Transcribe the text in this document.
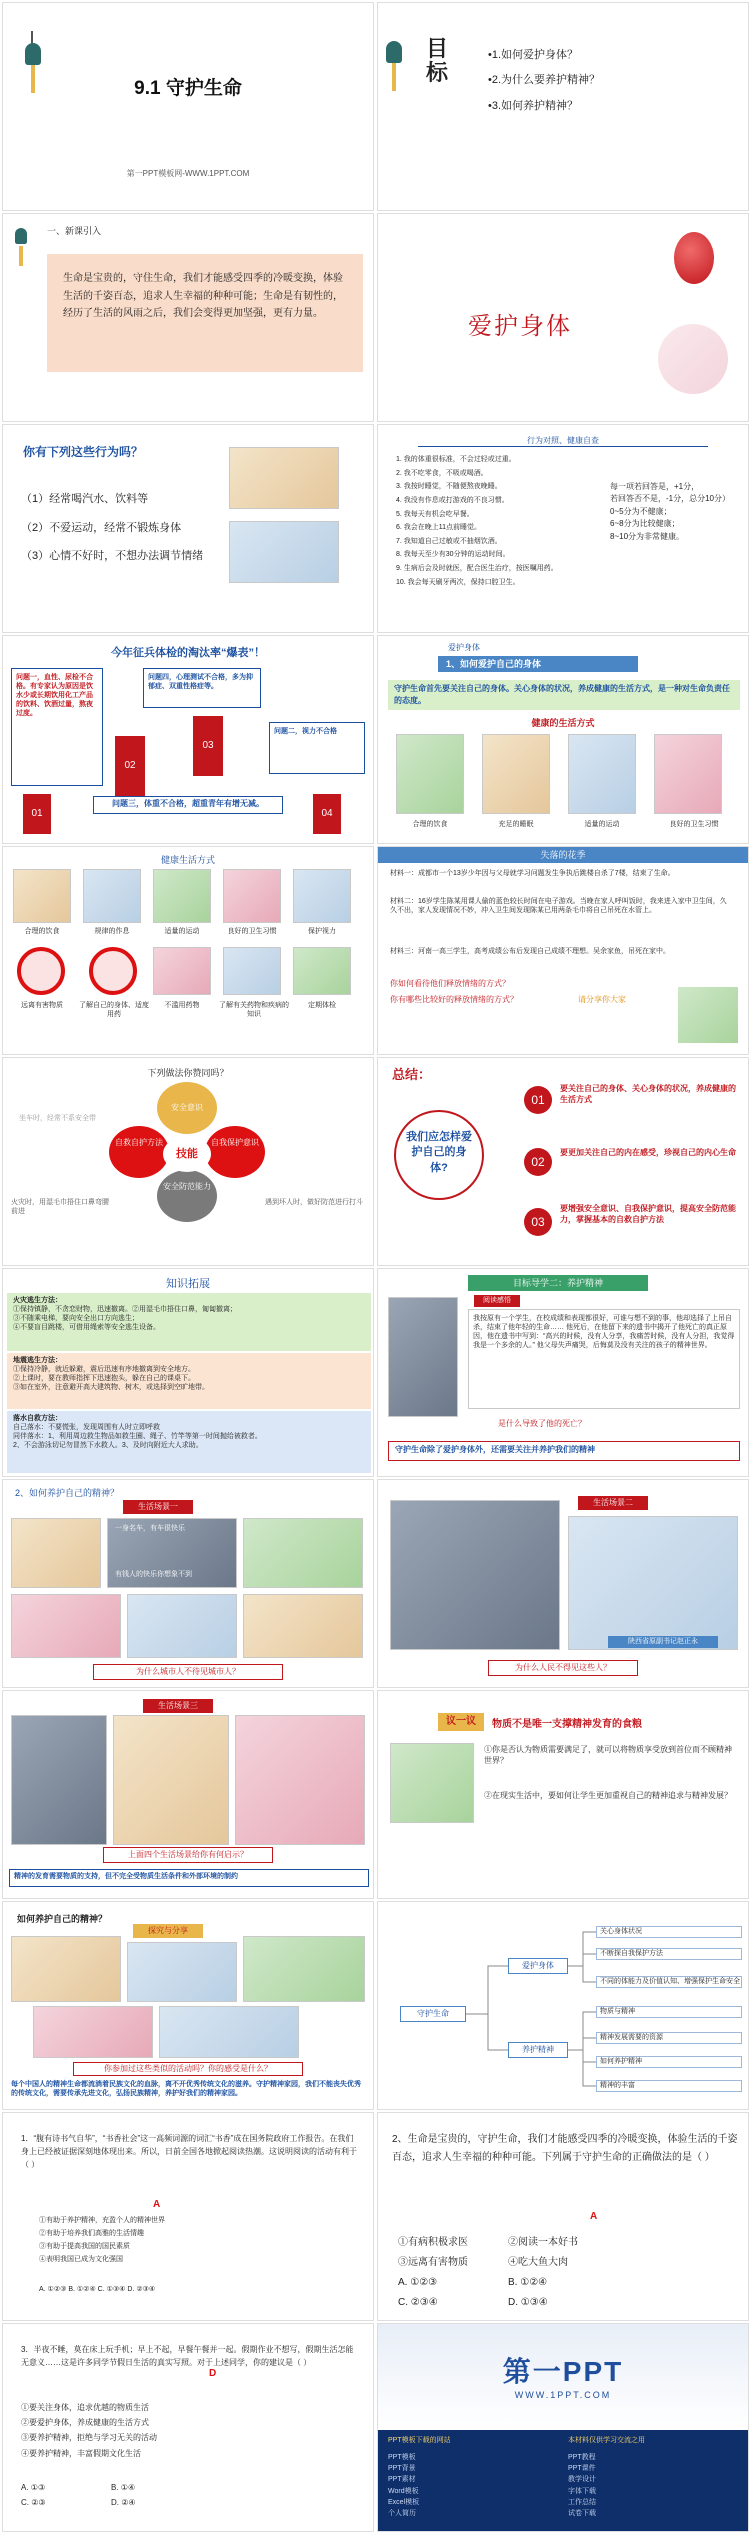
9.1 守护生命
第一PPT模板网-WWW.1PPT.COM
目标
•1.如何爱护身体？
•2.为什么要养护精神？
•3.如何养护精神？
一、新课引入
生命是宝贵的，守住生命，我们才能感受四季的冷暖变换，体验生活的千姿百态，追求人生幸福的种种可能；生命是有韧性的，经历了生活的风雨之后，我们会变得更加坚强，更有力量。	爱护身体
你有下列这些行为吗？
（1）经常喝汽水、饮料等
（2）不爱运动，经常不锻炼身体
（3）心情不好时，不想办法调节情绪
行为对照、健康自查
1. 我的体重很标准，不会过轻或过重。
2. 我不吃零食，不吸或喝酒。
3. 我按时睡觉，不随便熬夜晚睡。
4. 我没有作息或打游戏的不良习惯。
5. 我每天有机会吃早餐。
6. 我会在晚上11点前睡觉。
7. 我知道自己过敏或不抽烟饮酒。
8. 我每天至少有30分钟的运动时间。
9. 生病后会及时就医，配合医生治疗，按医嘱用药。
10. 我会每天刷牙两次，保持口腔卫生。
每一项若回答是，+1分，
若回答否不是，-1分，总分10分）
0~5分为不健康；
6~8分为比较健康；
8~10分为非常健康。
今年征兵体检的淘汰率“爆表”！
问题一，血性、尿检不合格。有专家认为原因是饮水少或长期饮用化工产品的饮料、饮酒过量，熬夜过度。
问题四，心理测试不合格，多为抑郁症、双重性格症等。
问题二，视力不合格
问题三，体重不合格，超重青年有增无减。
02
03
01	04
爱护身体
1、如何爱护自己的身体
守护生命首先要关注自己的身体。关心身体的状况，养成健康的生活方式，是一种对生命负责任的态度。
健康的生活方式
合理的饮食	充足的睡眠	适量的运动	良好的卫生习惯
健康生活方式
合理的饮食	规律的作息	适量的运动	良好的卫生习惯	保护视力
远离有害物质	了解自己的身体、适度用药
不滥用药物	了解有关药物和疾病的知识
定期体检
失落的花季
材料一：成都市一个13岁少年因与父母就学习问题发生争执后跳楼自杀了7楼，结束了生命。
材料二：16岁学生陈某用课人偷的蓝色较长时间在电子游戏。当晚在家人呼叫饭时，我来进入家中卫生间，久久不出，家人发现情况不妙，冲入卫生间发现陈某已用两条毛巾将自己吊死在水管上。
材料三：河南一高三学生，高考成绩公布后发现自己成绩不理想。吴余家鱼，吊死在家中。
你如何看待他们释放情绪的方式？
你有哪些比较好的释放情绪的方式？	请分享你大家
下列做法你赞同吗？
安全意识
自救自护方法	自我保护意识
安全防范能力
技能
坐车时，经常不系安全带
火灾时，用湿毛巾捂住口鼻弯腰前进
遇到坏人时，做好防范进行打斗
总结：
我们应怎样爱护自己的身体?
01
要关注自己的身体、关心身体的状况，养成健康的生活方式
02
要更加关注自己的内在感受，珍视自己的内心生命
03
要增强安全意识、自我保护意识，提高安全防范能力，掌握基本的自救自护方法
知识拓展
火灾逃生方法：
①保持镇静，不贪恋财物，迅速撤离。②用湿毛巾捂住口鼻，匍匐撤离；
③不随乘电梯，要向安全出口方向逃生；
④不要盲目跳楼，可借用绳索等安全逃生设备。
地震逃生方法：
①保持冷静，就近躲避，震后迅速有序地撤离到安全地方。
②上课时，要在教师指挥下迅速抱头，躲在自己的课桌下。
③如在室外，注意避开高大建筑物、树木，或选择到空旷地带。
落水自救方法：
自己落水：不要慌张，发现周围有人时立即呼救
同伴落水：1、利用周边救生物品如救生圈、绳子、竹竿等第一时间抛给被救者。
2、不会游泳切记勿冒然下水救人。3、及时向附近大人求助。
目标导学二：养护精神
阅读感悟
我按原有一个学生，在校成绩和表现都很好，可谁与想不到的事，他却选择了上吊自杀，结束了他年轻的生命…… 他死后，在他留下来的遗书中揭开了他死亡的真正原因，他在遗书中写到：“高兴的时候，没有人分享，我痛苦时候，没有人分担，我觉得我是一个多余的人。” 他父母失声痛哭，后悔莫及没有关注的孩子的精神世界。
是什么导致了他的死亡？
守护生命除了爱护身体外，还需要关注并养护我们的精神
2、如何养护自己的精神？
生活场景一
一身名车，有车很快乐
有钱人的快乐你想象不到
为什么城市人不待见城市人？
生活场景二
陕西省原副书记赵正永
为什么人民不得见这些人？
生活场景三
上面四个生活场景给你有何启示？
精神的发育需要物质的支持，但不完全受物质生活条件和外部环境的制约
议一议	物质不是唯一支撑精神发育的食粮
①你是否认为物质需要满足了，就可以将物质享受放到首位而不顾精神世界？
②在现实生活中，要如何让学生更加重视自己的精神追求与精神发展？
如何养护自己的精神？
探究与分享
你参加过这些类似的活动吗？你的感受是什么？
每个中国人的精神生命都流淌着民族文化的血脉，离不开优秀传统文化的滋养。守护精神家园，我们不能丧失优秀的传统文化，需要传承先进文化，弘扬民族精神，养护好我们的精神家园。
守护生命
爱护身体
养护精神
关心身体状况
不断探自我保护方法
不同的体能力及价值认知、增强保护生命安全
物质与精神
精神发展需要的资源
如何养护精神
精神的丰富
1．“腹有诗书气自华”，“书香社会”这一高频词源的词汇“书香”成在国务院政府工作报告。在我们身上已经被证据深刻地体现出来。所以，日前全国各地掀起阅读热潮。这说明阅读的活动有利于（ ）
A
①有助于养护精神，充盈个人的精神世界
②有助于培养我们高雅的生活情趣
③有助于提高我国的国民素质
④表明我国已成为文化强国
A. ①②③ B. ①②④ C. ①③④ D. ②③④
2、生命是宝贵的，守护生命，我们才能感受四季的冷暖变换，体验生活的千姿百态，追求人生幸福的种种可能。下列属于守护生命的正确做法的是（ ）
A
①有病积极求医	②阅读一本好书
③远离有害物质	④吃大鱼大肉
A. ①②③	B. ①②④
C. ②③④	D. ①③④
3．半夜不睡，莫在床上玩手机；早上不起，早餐午餐并一起。假期作业不想写，假期生活怎能无意义……这是许多同学节假日生活的真实写照。对于上述同学，你的建议是（ ）
D
①要关注身体，追求优越的物质生活
②要爱护身体，养成健康的生活方式
③要养护精神，拒绝与学习无关的活动
④要养护精神，丰富假期文化生活
A. ①③	B. ①④
C. ②③	D. ②④
第一PPT
WWW.1PPT.COM
PPT模板下载的网站	本材料仅供学习交流之用
PPT模板
PPT背景
PPT素材
Word模板
Excel模板
个人简历
PPT教程
PPT课件
教学设计
字体下载
工作总结
试卷下载
